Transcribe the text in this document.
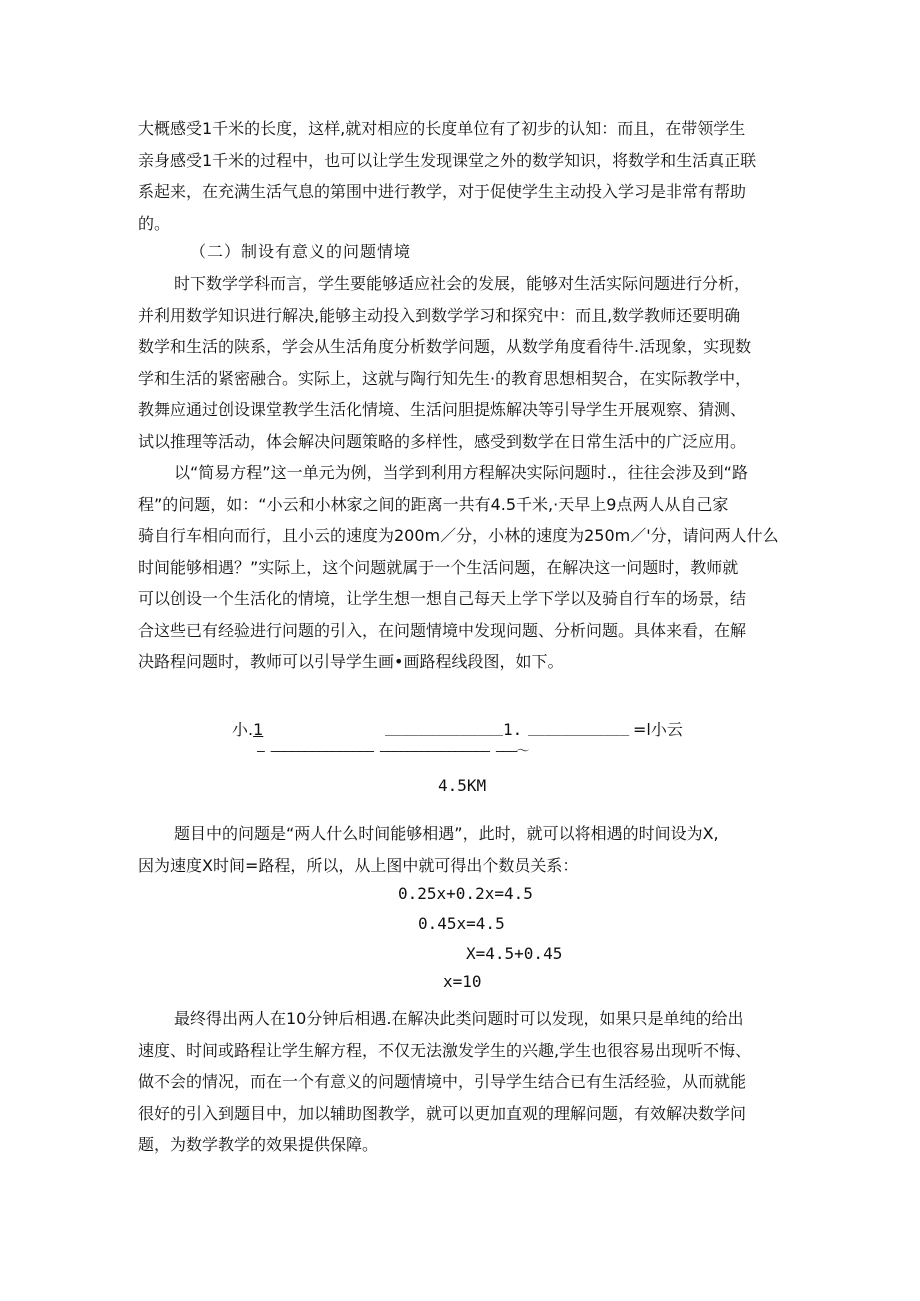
大概感受1千米的长度，这样,就对相应的长度单位有了初步的认知：而且，在带领学生
亲身感受1千米的过程中，也可以让学生发现课堂之外的数学知识，将数学和生活真正联
系起来，在充满生活气息的第围中进行教学，对于促使学生主动投入学习是非常有帮助
的。
（二）制设有意义的问题情境
时下数学学科而言，学生要能够适应社会的发展，能够对生活实际问题进行分析，
并利用数学知识进行解决,能够主动投入到数学学习和探究中：而且,数学教师还要明确
数学和生活的陕系，学会从生活角度分析数学问题，从数学角度看待牛.活现象，实现数
学和生活的紧密融合。实际上，这就与陶行知先生·的教育思想相契合，在实际教学中，
教舞应通过创设课堂教学生活化情境、生活问胆提炼解决等引导学生开展观察、猜测、
试以推理等活动，体会解决问题策略的多样性，感受到数学在日常生活中的广泛应用。
以“简易方程”这一单元为例，当学到利用方程解决实际问题时.，往往会涉及到“路
程”的问题，如：“小云和小林家之间的距离一共有4.5千米,·天早上9点两人从自己家
骑自行车相向而行，且小云的速度为200m／分，小林的速度为250m／'分，请问两人什么
时间能够相遇？”实际上，这个问题就属于一个生活问题，在解决这一问题时，教师就
可以创设一个生活化的情境，让学生想一想自己每天上学下学以及骑自行车的场景，结
合这些已有经验进行问题的引入，在问题情境中发现问题、分析问题。具体来看，在解
决路程问题时，教师可以引导学生画•画路程线段图，如下。
小.1	______________ 1. ____________ =l小云
— ——————————————— ———————————————— ———～
4.5KM
题目中的问题是“两人什么时间能够相遇”，此时，就可以将相遇的时间设为X,
因为速度X时间=路程，所以，从上图中就可得出个数员关系：
0.25x+0.2x=4.5
0.45x=4.5
X=4.5+0.45
x=10
最终得出两人在10分钟后相遇.在解决此类问题时可以发现，如果只是单纯的给出
速度、时间或路程让学生解方程，不仅无法激发学生的兴趣,学生也很容易出现听不悔、
做不会的情况，而在一个有意义的问题情境中，引导学生结合已有生活经验，从而就能
很好的引入到题目中，加以辅助图教学，就可以更加直观的理解问题，有效解决数学问
题，为数学教学的效果提供保障。
